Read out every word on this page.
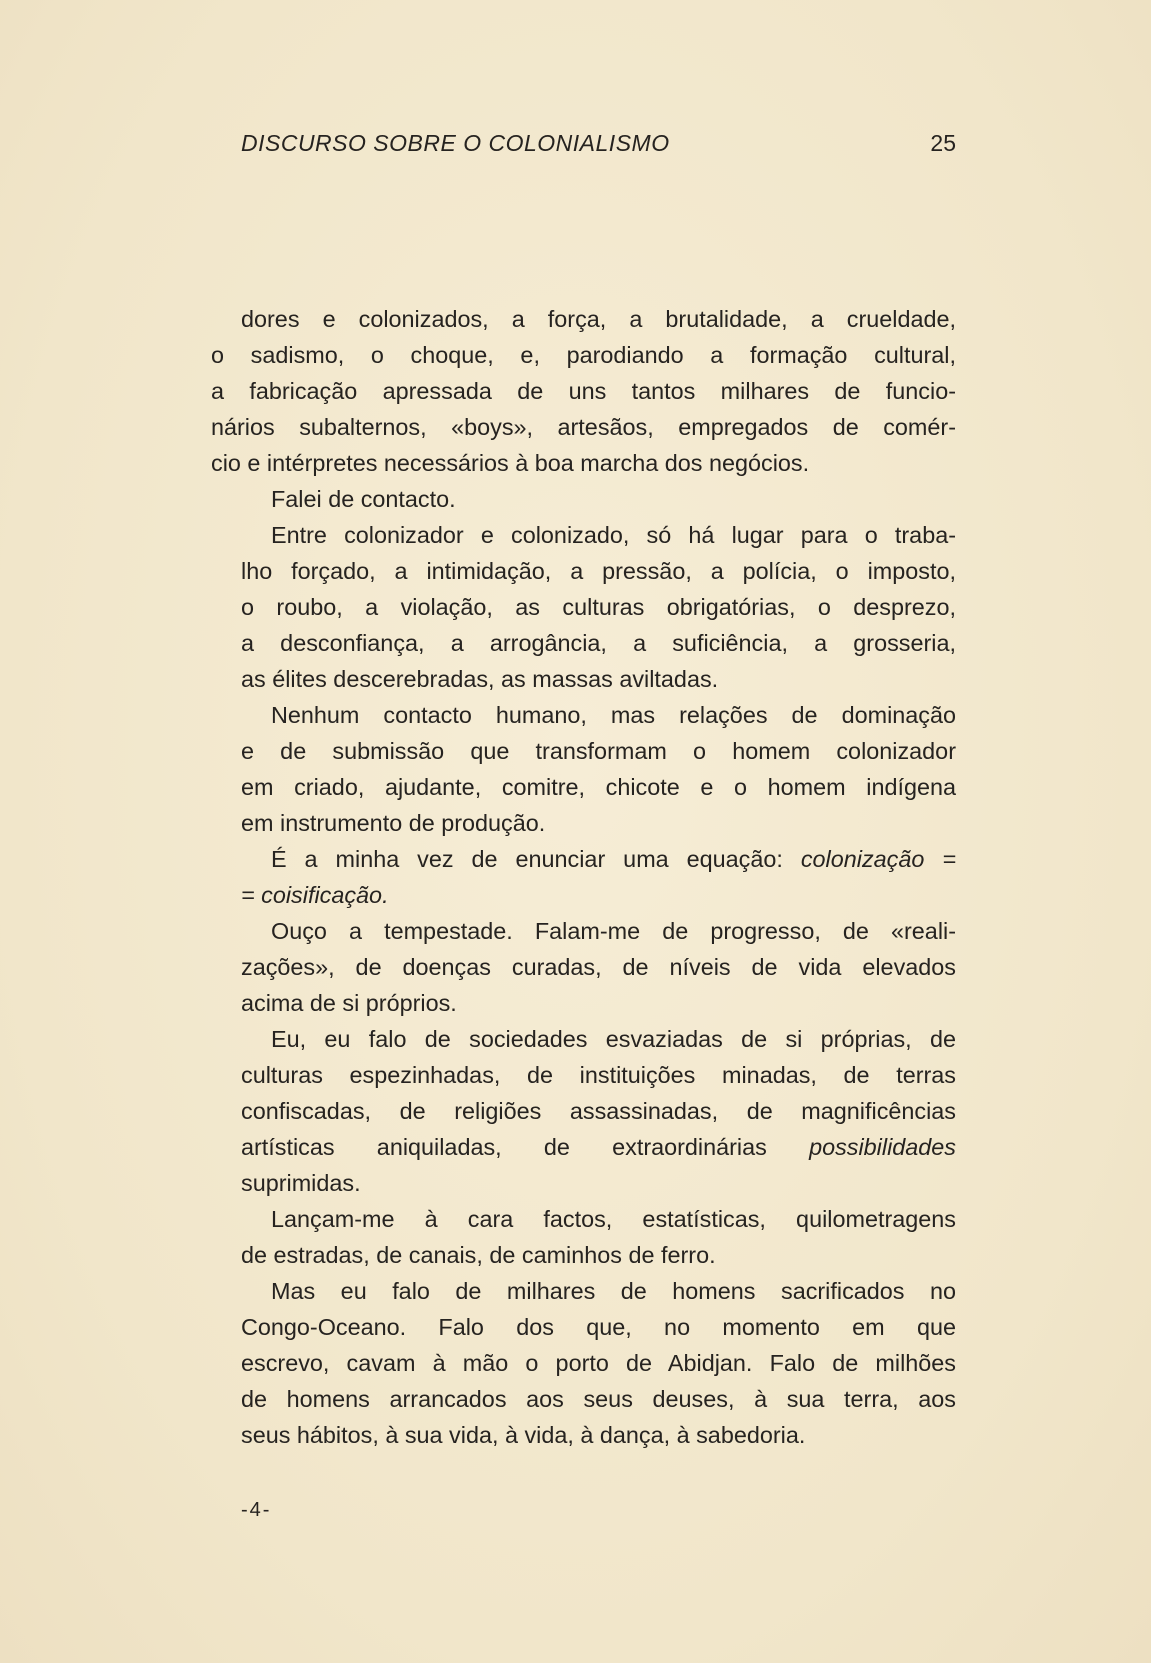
DISCURSO SOBRE O COLONIALISMO	25

dores e colonizados, a força, a brutalidade, a crueldade,
o sadismo, o choque, e, parodiando a formação cultural,
a fabricação apressada de uns tantos milhares de funcio-
nários subalternos, «boys», artesãos, empregados de comér-
cio e intérpretes necessários à boa marcha dos negócios.

Falei de contacto.

Entre colonizador e colonizado, só há lugar para o traba-
lho forçado, a intimidação, a pressão, a polícia, o imposto,
o roubo, a violação, as culturas obrigatórias, o desprezo,
a desconfiança, a arrogância, a suficiência, a grosseria,
as élites descerebradas, as massas aviltadas.

Nenhum contacto humano, mas relações de dominação
e de submissão que transformam o homem colonizador
em criado, ajudante, comitre, chicote e o homem indígena
em instrumento de produção.

É a minha vez de enunciar uma equação: colonização =
= coisificação.

Ouço a tempestade. Falam-me de progresso, de «reali-
zações», de doenças curadas, de níveis de vida elevados
acima de si próprios.

Eu, eu falo de sociedades esvaziadas de si próprias, de
culturas espezinhadas, de instituições minadas, de terras
confiscadas, de religiões assassinadas, de magnificências
artísticas aniquiladas, de extraordinárias possibilidades
suprimidas.

Lançam-me à cara factos, estatísticas, quilometragens
de estradas, de canais, de caminhos de ferro.

Mas eu falo de milhares de homens sacrificados no
Congo-Oceano. Falo dos que, no momento em que
escrevo, cavam à mão o porto de Abidjan. Falo de milhões
de homens arrancados aos seus deuses, à sua terra, aos
seus hábitos, à sua vida, à vida, à dança, à sabedoria.

-4-
